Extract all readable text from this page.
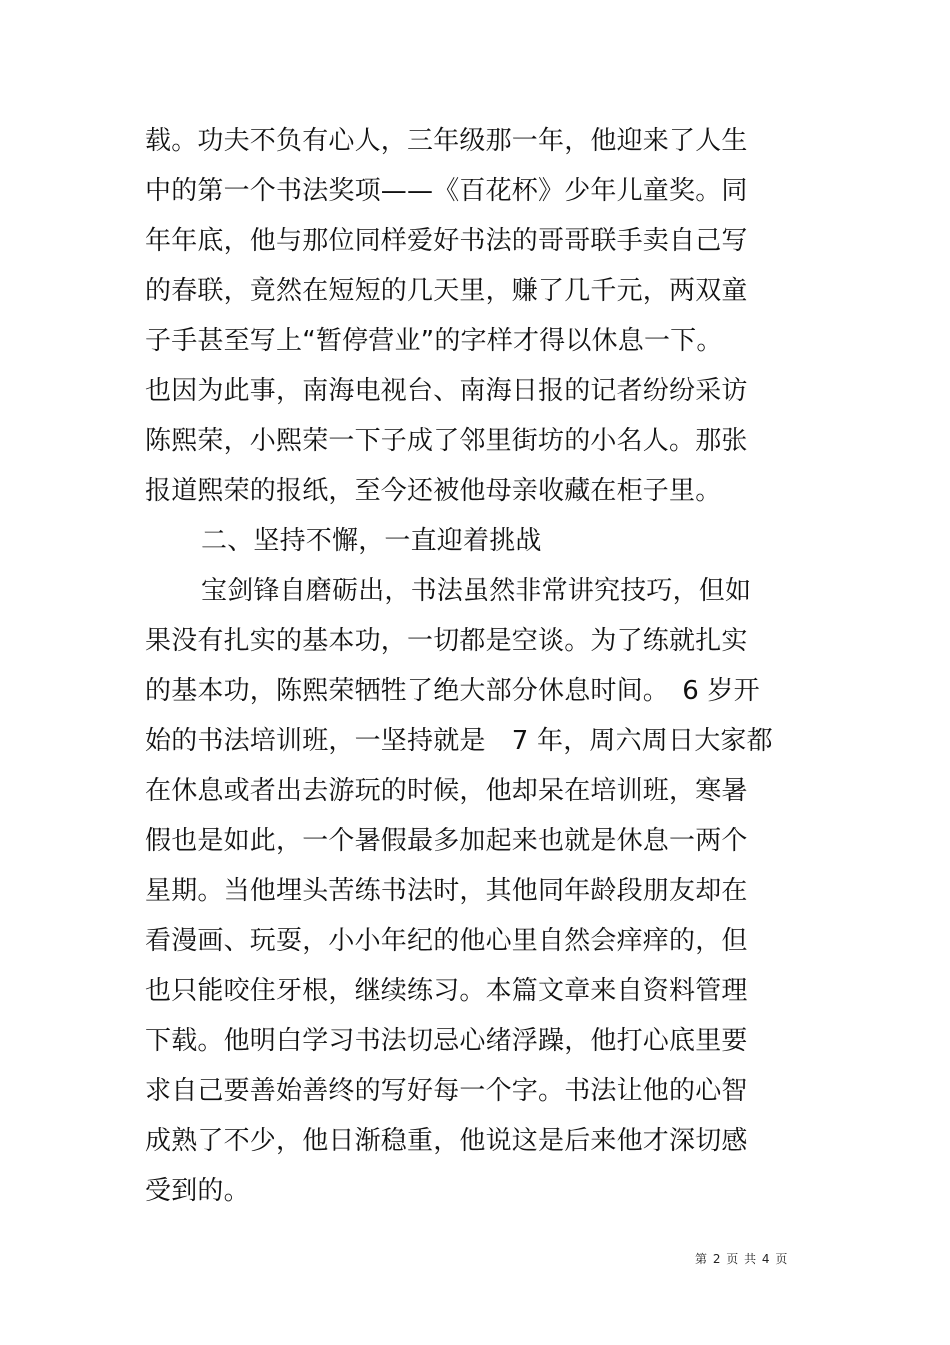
载。功夫不负有心人，三年级那一年，他迎来了人生
中的第一个书法奖项——《百花杯》少年儿童奖。同
年年底，他与那位同样爱好书法的哥哥联手卖自己写
的春联，竟然在短短的几天里，赚了几千元，两双童
子手甚至写上“暂停营业”的字样才得以休息一下。
也因为此事，南海电视台、南海日报的记者纷纷采访
陈熙荣，小熙荣一下子成了邻里街坊的小名人。那张
报道熙荣的报纸，至今还被他母亲收藏在柜子里。
二、坚持不懈，一直迎着挑战
宝剑锋自磨砺出，书法虽然非常讲究技巧，但如
果没有扎实的基本功，一切都是空谈。为了练就扎实
的基本功，陈熙荣牺牲了绝大部分休息时间。　6 岁开
始的书法培训班，一坚持就是　7 年，周六周日大家都
在休息或者出去游玩的时候，他却呆在培训班，寒暑
假也是如此，一个暑假最多加起来也就是休息一两个
星期。当他埋头苦练书法时，其他同年龄段朋友却在
看漫画、玩耍，小小年纪的他心里自然会痒痒的，但
也只能咬住牙根，继续练习。本篇文章来自资料管理
下载。他明白学习书法切忌心绪浮躁，他打心底里要
求自己要善始善终的写好每一个字。书法让他的心智
成熟了不少，他日渐稳重，他说这是后来他才深切感
受到的。
第 2 页 共 4 页
